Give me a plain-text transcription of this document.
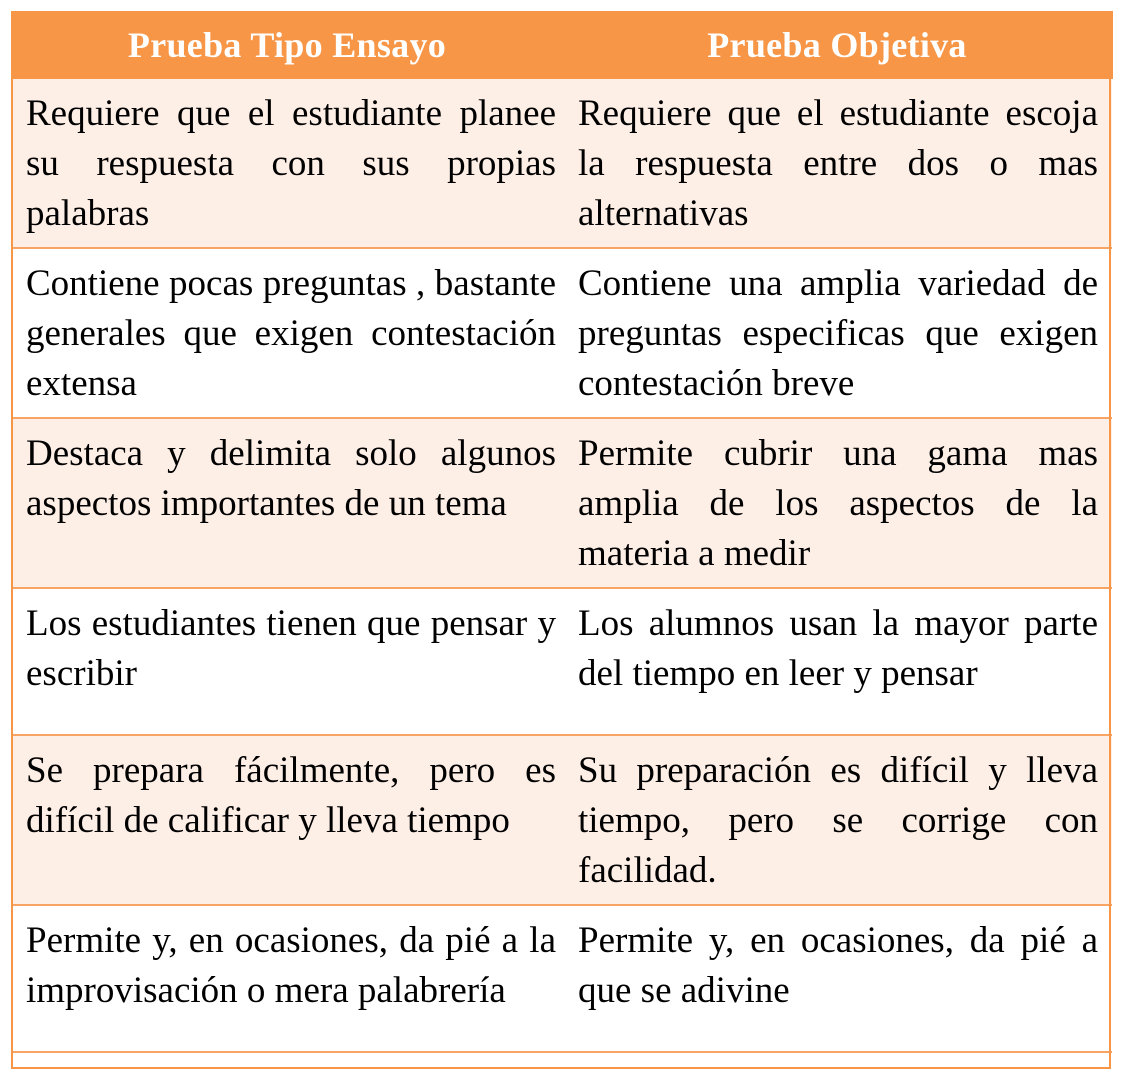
Prueba Tipo Ensayo	Prueba Objetiva
Requiere que el estudiante planee su respuesta con sus propias palabras	Requiere que el estudiante escoja la respuesta entre dos o mas alternativas
Contiene pocas preguntas , bastante generales que exigen contestación extensa	Contiene una amplia variedad de preguntas especificas que exigen contestación breve
Destaca y delimita solo algunos aspectos importantes de un tema	Permite cubrir una gama mas amplia de los aspectos de la materia a medir
Los estudiantes tienen que pensar y escribir	Los alumnos usan la mayor parte del tiempo en leer y pensar
Se prepara fácilmente, pero es difícil de calificar y lleva tiempo	Su preparación es difícil y lleva tiempo, pero se corrige con facilidad.
Permite y, en ocasiones, da pié a la improvisación o mera palabrería	Permite y, en ocasiones, da pié a que se adivine
